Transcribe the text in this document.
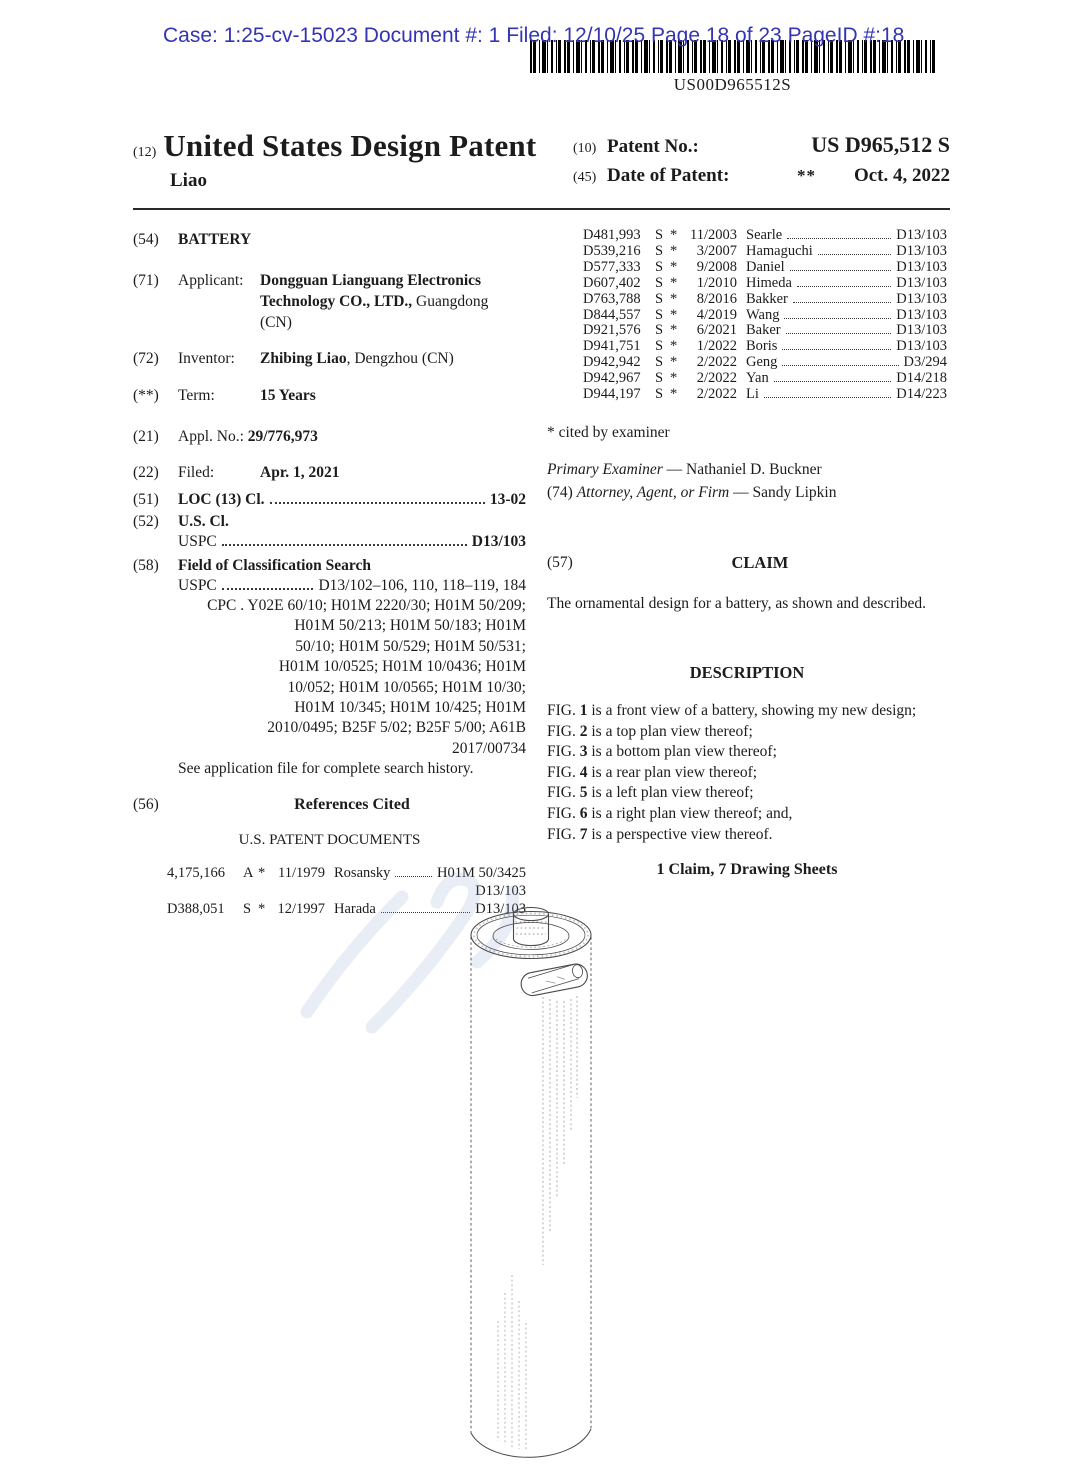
Case: 1:25-cv-15023 Document #: 1 Filed: 12/10/25 Page 18 of 23 PageID #:18
US00D965512S
(12) United States Design Patent
Liao
(10) Patent No.:	US D965,512 S
(45) Date of Patent:	** Oct. 4, 2022
(54)	BATTERY
(71)	Applicant:	Dongguan Lianguang Electronics
Technology CO., LTD., Guangdong
(CN)
(72)	Inventor:	Zhibing Liao, Dengzhou (CN)
(**)	Term:	15 Years
(21)	Appl. No.: 29/776,973
(22)	Filed:	Apr. 1, 2021
(51)	LOC (13) Cl.	13-02
(52)	U.S. Cl.
USPC	D13/103
(58)	Field of Classification Search
USPC	D13/102–106, 110, 118–119, 184
CPC . Y02E 60/10; H01M 2220/30; H01M 50/209;
H01M 50/213; H01M 50/183; H01M
50/10; H01M 50/529; H01M 50/531;
H01M 10/0525; H01M 10/0436; H01M
10/052; H01M 10/0565; H01M 10/30;
H01M 10/345; H01M 10/425; H01M
2010/0495; B25F 5/02; B25F 5/00; A61B
2017/00734
See application file for complete search history.
(56)	References Cited
U.S. PATENT DOCUMENTS
4,175,166	A * 11/1979 Rosansky	H01M 50/3425
D13/103
D388,051	S * 12/1997 Harada	D13/103
D481,993 S * 11/2003 Searle	D13/103
D539,216 S *	3/2007 Hamaguchi	D13/103
D577,333 S *	9/2008 Daniel	D13/103
D607,402 S *	1/2010 Himeda	D13/103
D763,788 S *	8/2016 Bakker	D13/103
D844,557 S *	4/2019 Wang	D13/103
D921,576 S *	6/2021 Baker	D13/103
D941,751 S *	1/2022 Boris	D13/103
D942,942 S *	2/2022 Geng	D3/294
D942,967 S *	2/2022 Yan	D14/218
D944,197 S *	2/2022 Li	D14/223
* cited by examiner
Primary Examiner — Nathaniel D. Buckner
(74) Attorney, Agent, or Firm — Sandy Lipkin
(57)	CLAIM
The ornamental design for a battery, as shown and described.
DESCRIPTION
FIG. 1 is a front view of a battery, showing my new design;
FIG. 2 is a top plan view thereof;
FIG. 3 is a bottom plan view thereof;
FIG. 4 is a rear plan view thereof;
FIG. 5 is a left plan view thereof;
FIG. 6 is a right plan view thereof; and,
FIG. 7 is a perspective view thereof.
1 Claim, 7 Drawing Sheets
